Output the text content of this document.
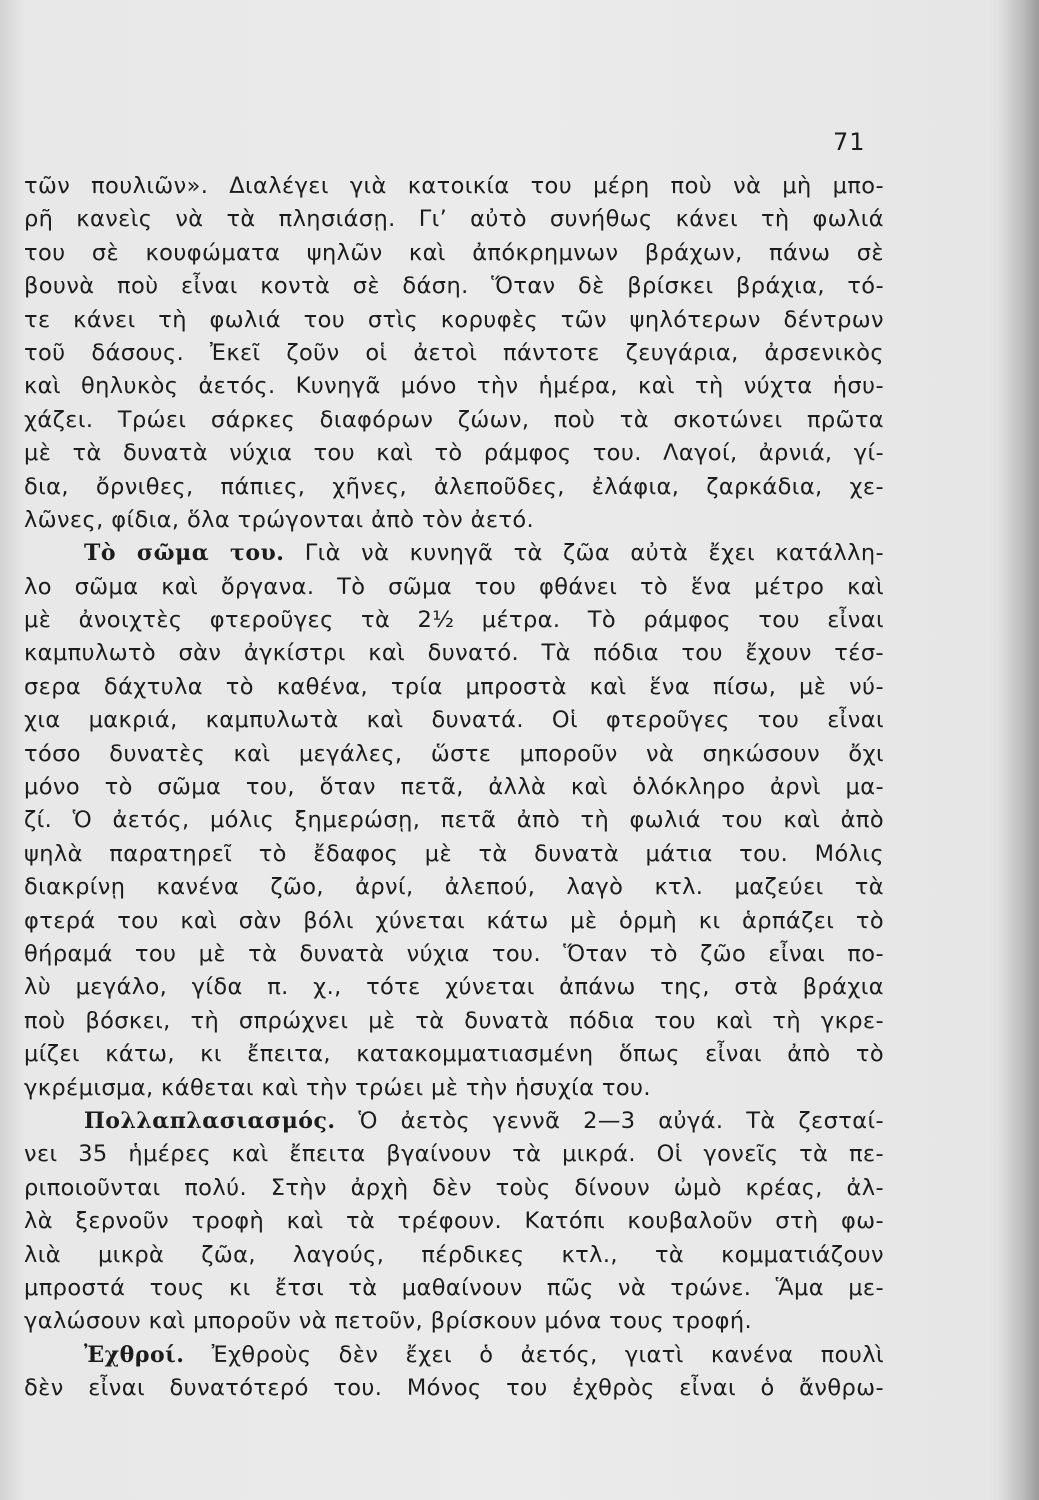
71
τῶν πουλιῶν». Διαλέγει γιὰ κατοικία του μέρη ποὺ νὰ μὴ μπο-
ρῆ κανεὶς νὰ τὰ πλησιάσῃ. Γι’ αὐτὸ συνήθως κάνει τὴ φωλιά
του σὲ κουφώματα ψηλῶν καὶ ἀπόκρημνων βράχων, πάνω σὲ
βουνὰ ποὺ εἶναι κοντὰ σὲ δάση. Ὅταν δὲ βρίσκει βράχια, τό-
τε κάνει τὴ φωλιά του στὶς κορυφὲς τῶν ψηλότερων δέντρων
τοῦ δάσους. Ἐκεῖ ζοῦν οἱ ἀετοὶ πάντοτε ζευγάρια, ἀρσενικὸς
καὶ θηλυκὸς ἀετός. Κυνηγᾶ μόνο τὴν ἡμέρα, καὶ τὴ νύχτα ἡσυ-
χάζει. Τρώει σάρκες διαφόρων ζώων, ποὺ τὰ σκοτώνει πρῶτα
μὲ τὰ δυνατὰ νύχια του καὶ τὸ ράμφος του. Λαγοί, ἀρνιά, γί-
δια, ὄρνιθες, πάπιες, χῆνες, ἀλεποῦδες, ἐλάφια, ζαρκάδια, χε-
λῶνες, φίδια, ὅλα τρώγονται ἀπὸ τὸν ἀετό.
Τὸ σῶμα του. Γιὰ νὰ κυνηγᾶ τὰ ζῶα αὐτὰ ἔχει κατάλλη-
λο σῶμα καὶ ὄργανα. Τὸ σῶμα του φθάνει τὸ ἕνα μέτρο καὶ
μὲ ἀνοιχτὲς φτεροῦγες τὰ 2½ μέτρα. Τὸ ράμφος του εἶναι
καμπυλωτὸ σὰν ἀγκίστρι καὶ δυνατό. Τὰ πόδια του ἔχουν τέσ-
σερα δάχτυλα τὸ καθένα, τρία μπροστὰ καὶ ἕνα πίσω, μὲ νύ-
χια μακριά, καμπυλωτὰ καὶ δυνατά. Οἱ φτεροῦγες του εἶναι
τόσο δυνατὲς καὶ μεγάλες, ὥστε μποροῦν νὰ σηκώσουν ὄχι
μόνο τὸ σῶμα του, ὅταν πετᾶ, ἀλλὰ καὶ ὁλόκληρο ἀρνὶ μα-
ζί. Ὁ ἀετός, μόλις ξημερώσῃ, πετᾶ ἀπὸ τὴ φωλιά του καὶ ἀπὸ
ψηλὰ παρατηρεῖ τὸ ἔδαφος μὲ τὰ δυνατὰ μάτια του. Μόλις
διακρίνῃ κανένα ζῶο, ἀρνί, ἀλεπού, λαγὸ κτλ. μαζεύει τὰ
φτερά του καὶ σὰν βόλι χύνεται κάτω μὲ ὁρμὴ κι ἁρπάζει τὸ
θήραμά του μὲ τὰ δυνατὰ νύχια του. Ὅταν τὸ ζῶο εἶναι πο-
λὺ μεγάλο, γίδα π. χ., τότε χύνεται ἀπάνω της, στὰ βράχια
ποὺ βόσκει, τὴ σπρώχνει μὲ τὰ δυνατὰ πόδια του καὶ τὴ γκρε-
μίζει κάτω, κι ἔπειτα, κατακομματιασμένη ὅπως εἶναι ἀπὸ τὸ
γκρέμισμα, κάθεται καὶ τὴν τρώει μὲ τὴν ἡσυχία του.
Πολλαπλασιασμός. Ὁ ἀετὸς γεννᾶ 2—3 αὐγά. Τὰ ζεσταί-
νει 35 ἡμέρες καὶ ἔπειτα βγαίνουν τὰ μικρά. Οἱ γονεῖς τὰ πε-
ριποιοῦνται πολύ. Στὴν ἀρχὴ δὲν τοὺς δίνουν ὠμὸ κρέας, ἀλ-
λὰ ξερνοῦν τροφὴ καὶ τὰ τρέφουν. Κατόπι κουβαλοῦν στὴ φω-
λιὰ μικρὰ ζῶα, λαγούς, πέρδικες κτλ., τὰ κομματιάζουν
μπροστά τους κι ἔτσι τὰ μαθαίνουν πῶς νὰ τρώνε. Ἅμα με-
γαλώσουν καὶ μποροῦν νὰ πετοῦν, βρίσκουν μόνα τους τροφή.
Ἐχθροί. Ἐχθροὺς δὲν ἔχει ὁ ἀετός, γιατὶ κανένα πουλὶ
δὲν εἶναι δυνατότερό του. Μόνος του ἐχθρὸς εἶναι ὁ ἄνθρω-
